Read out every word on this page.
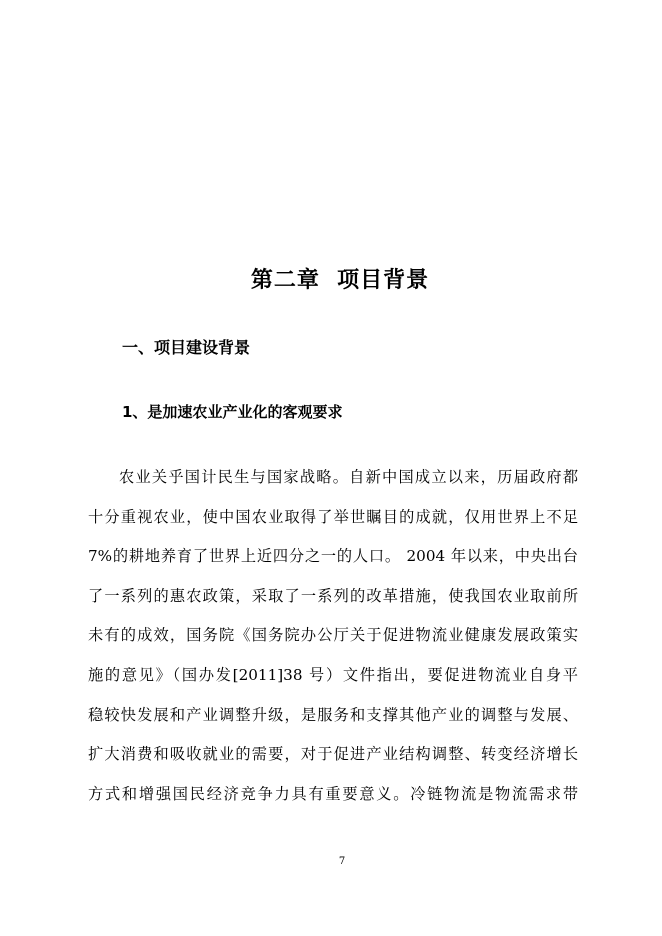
第二章  项目背景
一、项目建设背景
1、是加速农业产业化的客观要求
农业关乎国计民生与国家战略。自新中国成立以来，历届政府都
十分重视农业，使中国农业取得了举世瞩目的成就，仅用世界上不足
7%的耕地养育了世界上近四分之一的人口。 2004 年以来，中央出台
了一系列的惠农政策，采取了一系列的改革措施，使我国农业取前所
未有的成效，国务院《国务院办公厅关于促进物流业健康发展政策实
施的意见》（国办发[2011]38 号）文件指出，要促进物流业自身平
稳较快发展和产业调整升级，是服务和支撑其他产业的调整与发展、
扩大消费和吸收就业的需要，对于促进产业结构调整、转变经济增长
方式和增强国民经济竞争力具有重要意义。冷链物流是物流需求带
7
